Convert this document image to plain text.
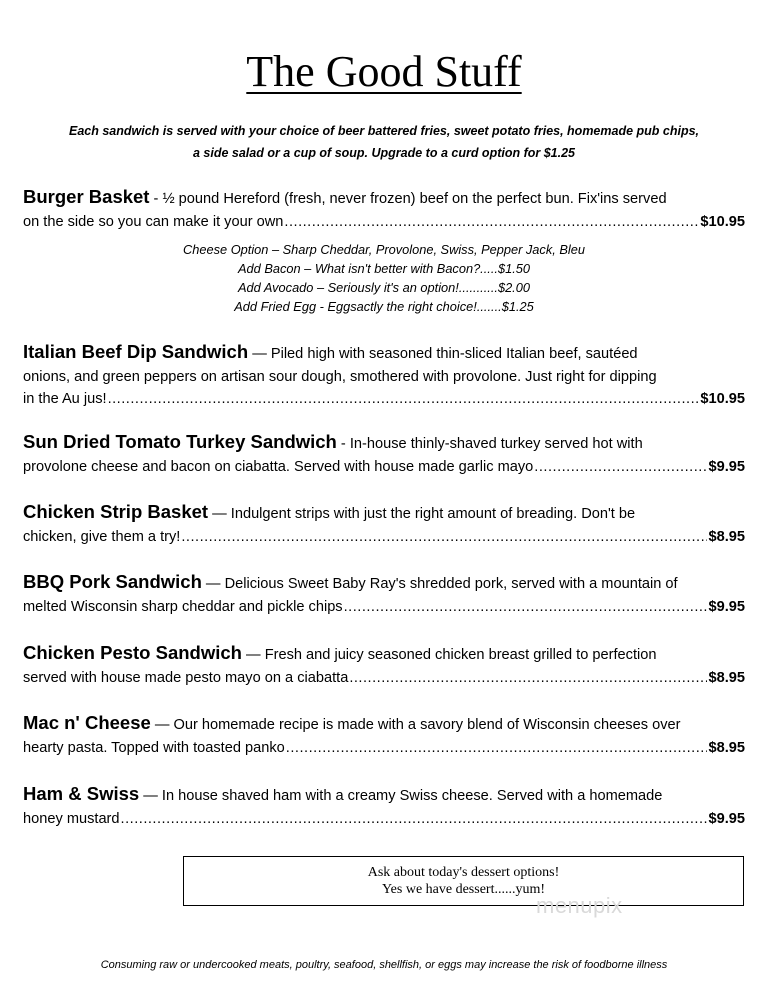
The Good Stuff
Each sandwich is served with your choice of beer battered fries, sweet potato fries, homemade pub chips,
a side salad or a cup of soup. Upgrade to a curd option for $1.25
Burger Basket - ½ pound Hereford (fresh, never frozen) beef on the perfect bun. Fix'ins served
on the side so you can make it your own .....	$10.95
Cheese Option – Sharp Cheddar, Provolone, Swiss, Pepper Jack, Bleu
Add Bacon – What isn't better with Bacon?.....$1.50
Add Avocado – Seriously it's an option!...........$2.00
Add Fried Egg - Eggsactly the right choice!.......$1.25
Italian Beef Dip Sandwich — Piled high with seasoned thin-sliced Italian beef, sautéed
onions, and green peppers on artisan sour dough, smothered with provolone. Just right for dipping
in the Au jus! .....	$10.95
Sun Dried Tomato Turkey Sandwich - In-house thinly-shaved turkey served hot with
provolone cheese and bacon on ciabatta. Served with house made garlic mayo .....	$9.95
Chicken Strip Basket — Indulgent strips with just the right amount of breading. Don't be
chicken, give them a try! .....	$8.95
BBQ Pork Sandwich — Delicious Sweet Baby Ray's shredded pork, served with a mountain of
melted Wisconsin sharp cheddar and pickle chips .....	$9.95
Chicken Pesto Sandwich — Fresh and juicy seasoned chicken breast grilled to perfection
served with house made pesto mayo on a ciabatta .....	$8.95
Mac n' Cheese — Our homemade recipe is made with a savory blend of Wisconsin cheeses over
hearty pasta. Topped with toasted panko .....	$8.95
Ham & Swiss — In house shaved ham with a creamy Swiss cheese. Served with a homemade
honey mustard .....	$9.95
Ask about today's dessert options!
Yes we have dessert......yum!
menupix
Consuming raw or undercooked meats, poultry, seafood, shellfish, or eggs may increase the risk of foodborne illness
